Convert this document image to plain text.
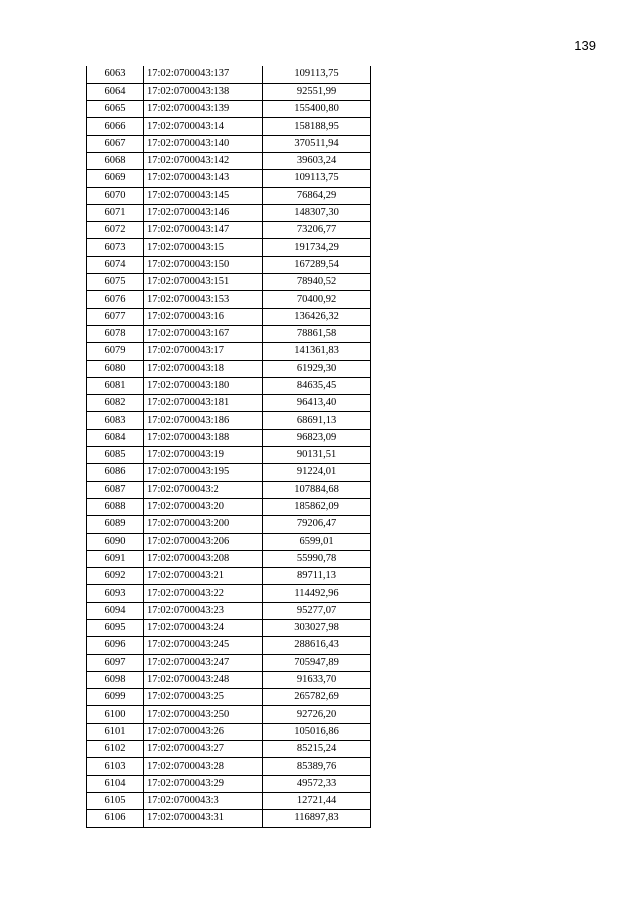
139
6063	17:02:0700043:137	109113,75
6064	17:02:0700043:138	92551,99
6065	17:02:0700043:139	155400,80
6066	17:02:0700043:14	158188,95
6067	17:02:0700043:140	370511,94
6068	17:02:0700043:142	39603,24
6069	17:02:0700043:143	109113,75
6070	17:02:0700043:145	76864,29
6071	17:02:0700043:146	148307,30
6072	17:02:0700043:147	73206,77
6073	17:02:0700043:15	191734,29
6074	17:02:0700043:150	167289,54
6075	17:02:0700043:151	78940,52
6076	17:02:0700043:153	70400,92
6077	17:02:0700043:16	136426,32
6078	17:02:0700043:167	78861,58
6079	17:02:0700043:17	141361,83
6080	17:02:0700043:18	61929,30
6081	17:02:0700043:180	84635,45
6082	17:02:0700043:181	96413,40
6083	17:02:0700043:186	68691,13
6084	17:02:0700043:188	96823,09
6085	17:02:0700043:19	90131,51
6086	17:02:0700043:195	91224,01
6087	17:02:0700043:2	107884,68
6088	17:02:0700043:20	185862,09
6089	17:02:0700043:200	79206,47
6090	17:02:0700043:206	6599,01
6091	17:02:0700043:208	55990,78
6092	17:02:0700043:21	89711,13
6093	17:02:0700043:22	114492,96
6094	17:02:0700043:23	95277,07
6095	17:02:0700043:24	303027,98
6096	17:02:0700043:245	288616,43
6097	17:02:0700043:247	705947,89
6098	17:02:0700043:248	91633,70
6099	17:02:0700043:25	265782,69
6100	17:02:0700043:250	92726,20
6101	17:02:0700043:26	105016,86
6102	17:02:0700043:27	85215,24
6103	17:02:0700043:28	85389,76
6104	17:02:0700043:29	49572,33
6105	17:02:0700043:3	12721,44
6106	17:02:0700043:31	116897,83
